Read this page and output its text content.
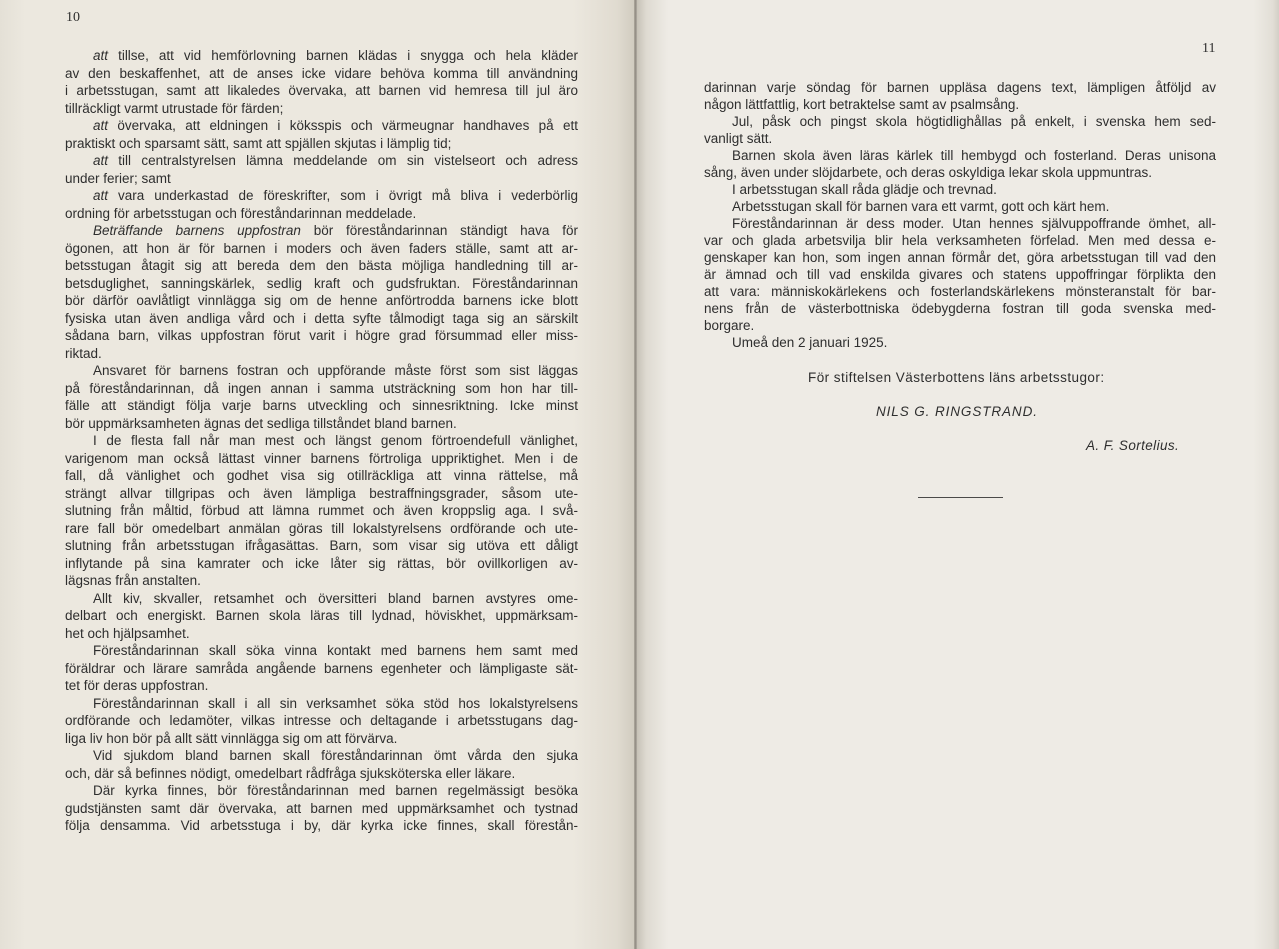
10
att tillse, att vid hemförlovning barnen klädas i snygga och hela kläder
av den beskaffenhet, att de anses icke vidare behöva komma till användning
i arbetsstugan, samt att likaledes övervaka, att barnen vid hemresa till jul äro
tillräckligt varmt utrustade för färden;
att övervaka, att eldningen i köksspis och värmeugnar handhaves på ett
praktiskt och sparsamt sätt, samt att spjällen skjutas i lämplig tid;
att till centralstyrelsen lämna meddelande om sin vistelseort och adress
under ferier; samt
att vara underkastad de föreskrifter, som i övrigt må bliva i vederbörlig
ordning för arbetsstugan och föreståndarinnan meddelade.
Beträffande barnens uppfostran bör föreståndarinnan ständigt hava för
ögonen, att hon är för barnen i moders och även faders ställe, samt att ar-
betsstugan åtagit sig att bereda dem den bästa möjliga handledning till ar-
betsduglighet, sanningskärlek, sedlig kraft och gudsfruktan. Föreståndarinnan
bör därför oavlåtligt vinnlägga sig om de henne anförtrodda barnens icke blott
fysiska utan även andliga vård och i detta syfte tålmodigt taga sig an särskilt
sådana barn, vilkas uppfostran förut varit i högre grad försummad eller miss-
riktad.
Ansvaret för barnens fostran och uppförande måste först som sist läggas
på föreståndarinnan, då ingen annan i samma utsträckning som hon har till-
fälle att ständigt följa varje barns utveckling och sinnesriktning. Icke minst
bör uppmärksamheten ägnas det sedliga tillståndet bland barnen.
I de flesta fall når man mest och längst genom förtroendefull vänlighet,
varigenom man också lättast vinner barnens förtroliga uppriktighet. Men i de
fall, då vänlighet och godhet visa sig otillräckliga att vinna rättelse, må
strängt allvar tillgripas och även lämpliga bestraffningsgrader, såsom ute-
slutning från måltid, förbud att lämna rummet och även kroppslig aga. I svå-
rare fall bör omedelbart anmälan göras till lokalstyrelsens ordförande och ute-
slutning från arbetsstugan ifrågasättas. Barn, som visar sig utöva ett dåligt
inflytande på sina kamrater och icke låter sig rättas, bör ovillkorligen av-
lägsnas från anstalten.
Allt kiv, skvaller, retsamhet och översitteri bland barnen avstyres ome-
delbart och energiskt. Barnen skola läras till lydnad, höviskhet, uppmärksam-
het och hjälpsamhet.
Föreståndarinnan skall söka vinna kontakt med barnens hem samt med
föräldrar och lärare samråda angående barnens egenheter och lämpligaste sät-
tet för deras uppfostran.
Föreståndarinnan skall i all sin verksamhet söka stöd hos lokalstyrelsens
ordförande och ledamöter, vilkas intresse och deltagande i arbetsstugans dag-
liga liv hon bör på allt sätt vinnlägga sig om att förvärva.
Vid sjukdom bland barnen skall föreståndarinnan ömt vårda den sjuka
och, där så befinnes nödigt, omedelbart rådfråga sjuksköterska eller läkare.
Där kyrka finnes, bör föreståndarinnan med barnen regelmässigt besöka
gudstjänsten samt där övervaka, att barnen med uppmärksamhet och tystnad
följa densamma. Vid arbetsstuga i by, där kyrka icke finnes, skall förestån-
11
darinnan varje söndag för barnen uppläsa dagens text, lämpligen åtföljd av
någon lättfattlig, kort betraktelse samt av psalmsång.
Jul, påsk och pingst skola högtidlighållas på enkelt, i svenska hem sed-
vanligt sätt.
Barnen skola även läras kärlek till hembygd och fosterland. Deras unisona
sång, även under slöjdarbete, och deras oskyldiga lekar skola uppmuntras.
I arbetsstugan skall råda glädje och trevnad.
Arbetsstugan skall för barnen vara ett varmt, gott och kärt hem.
Föreståndarinnan är dess moder. Utan hennes självuppoffrande ömhet, all-
var och glada arbetsvilja blir hela verksamheten förfelad. Men med dessa e-
genskaper kan hon, som ingen annan förmår det, göra arbetsstugan till vad den
är ämnad och till vad enskilda givares och statens uppoffringar förplikta den
att vara: människokärlekens och fosterlandskärlekens mönsteranstalt för bar-
nens från de västerbottniska ödebygderna fostran till goda svenska med-
borgare.
Umeå den 2 januari 1925.
För stiftelsen Västerbottens läns arbetsstugor:
NILS G. RINGSTRAND.
A. F. Sortelius.
